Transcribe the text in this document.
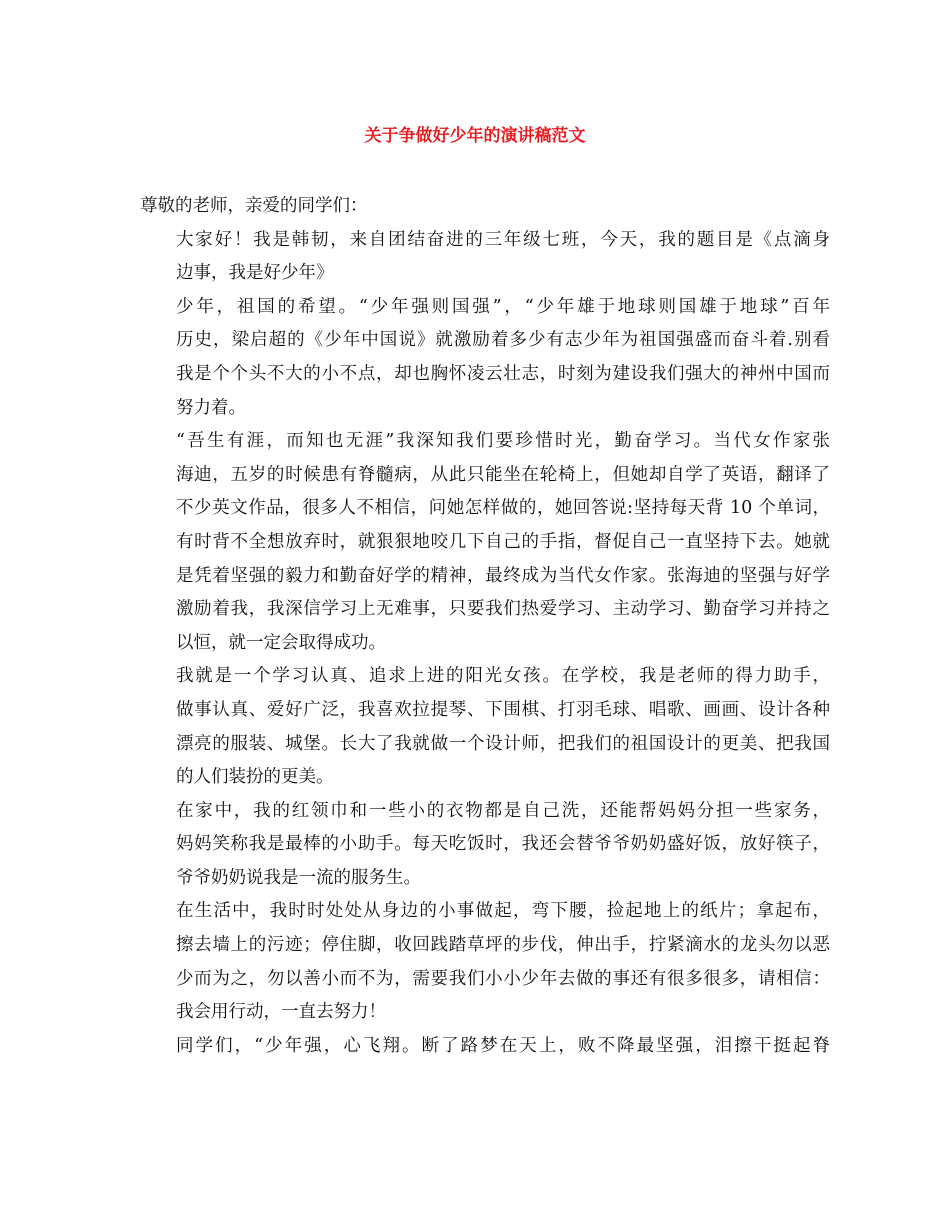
关于争做好少年的演讲稿范文

尊敬的老师，亲爱的同学们：

大家好！我是韩韧，来自团结奋进的三年级七班，今天，我的题目是《点滴身
边事，我是好少年》

少年，祖国的希望。“少年强则国强”，“少年雄于地球则国雄于地球”百年
历史，梁启超的《少年中国说》就激励着多少有志少年为祖国强盛而奋斗着.别看
我是个个头不大的小不点，却也胸怀凌云壮志，时刻为建设我们强大的神州中国而
努力着。

“吾生有涯，而知也无涯”我深知我们要珍惜时光，勤奋学习。当代女作家张
海迪，五岁的时候患有脊髓病，从此只能坐在轮椅上，但她却自学了英语，翻译了
不少英文作品，很多人不相信，问她怎样做的，她回答说:坚持每天背 10 个单词，
有时背不全想放弃时，就狠狠地咬几下自己的手指，督促自己一直坚持下去。她就
是凭着坚强的毅力和勤奋好学的精神，最终成为当代女作家。张海迪的坚强与好学
激励着我，我深信学习上无难事，只要我们热爱学习、主动学习、勤奋学习并持之
以恒，就一定会取得成功。

我就是一个学习认真、追求上进的阳光女孩。在学校，我是老师的得力助手，
做事认真、爱好广泛，我喜欢拉提琴、下围棋、打羽毛球、唱歌、画画、设计各种
漂亮的服装、城堡。长大了我就做一个设计师，把我们的祖国设计的更美、把我国
的人们装扮的更美。

在家中，我的红领巾和一些小的衣物都是自己洗，还能帮妈妈分担一些家务，
妈妈笑称我是最棒的小助手。每天吃饭时，我还会替爷爷奶奶盛好饭，放好筷子，
爷爷奶奶说我是一流的服务生。

在生活中，我时时处处从身边的小事做起，弯下腰，捡起地上的纸片；拿起布，
擦去墙上的污迹；停住脚，收回践踏草坪的步伐，伸出手，拧紧滴水的龙头勿以恶
少而为之，勿以善小而不为，需要我们小小少年去做的事还有很多很多，请相信：
我会用行动，一直去努力！

同学们，“少年强，心飞翔。断了路梦在天上，败不降最坚强，泪擦干挺起脊
